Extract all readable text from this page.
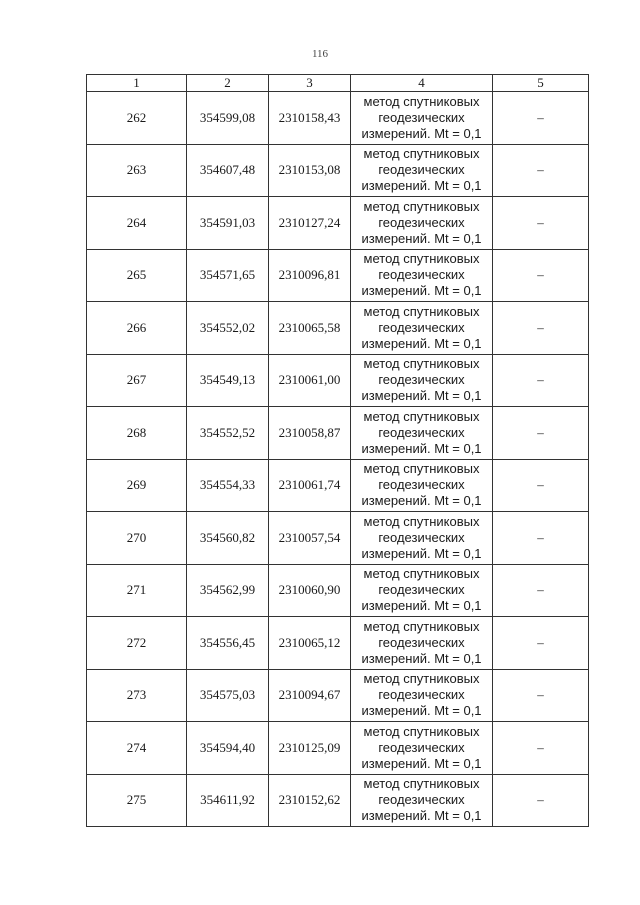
116
1	2	3	4	5
262	354599,08	2310158,43	метод спутниковых
геодезических
измерений. Mt = 0,1	–
263	354607,48	2310153,08	метод спутниковых
геодезических
измерений. Mt = 0,1	–
264	354591,03	2310127,24	метод спутниковых
геодезических
измерений. Mt = 0,1	–
265	354571,65	2310096,81	метод спутниковых
геодезических
измерений. Mt = 0,1	–
266	354552,02	2310065,58	метод спутниковых
геодезических
измерений. Mt = 0,1	–
267	354549,13	2310061,00	метод спутниковых
геодезических
измерений. Mt = 0,1	–
268	354552,52	2310058,87	метод спутниковых
геодезических
измерений. Mt = 0,1	–
269	354554,33	2310061,74	метод спутниковых
геодезических
измерений. Mt = 0,1	–
270	354560,82	2310057,54	метод спутниковых
геодезических
измерений. Mt = 0,1	–
271	354562,99	2310060,90	метод спутниковых
геодезических
измерений. Mt = 0,1	–
272	354556,45	2310065,12	метод спутниковых
геодезических
измерений. Mt = 0,1	–
273	354575,03	2310094,67	метод спутниковых
геодезических
измерений. Mt = 0,1	–
274	354594,40	2310125,09	метод спутниковых
геодезических
измерений. Mt = 0,1	–
275	354611,92	2310152,62	метод спутниковых
геодезических
измерений. Mt = 0,1	–
